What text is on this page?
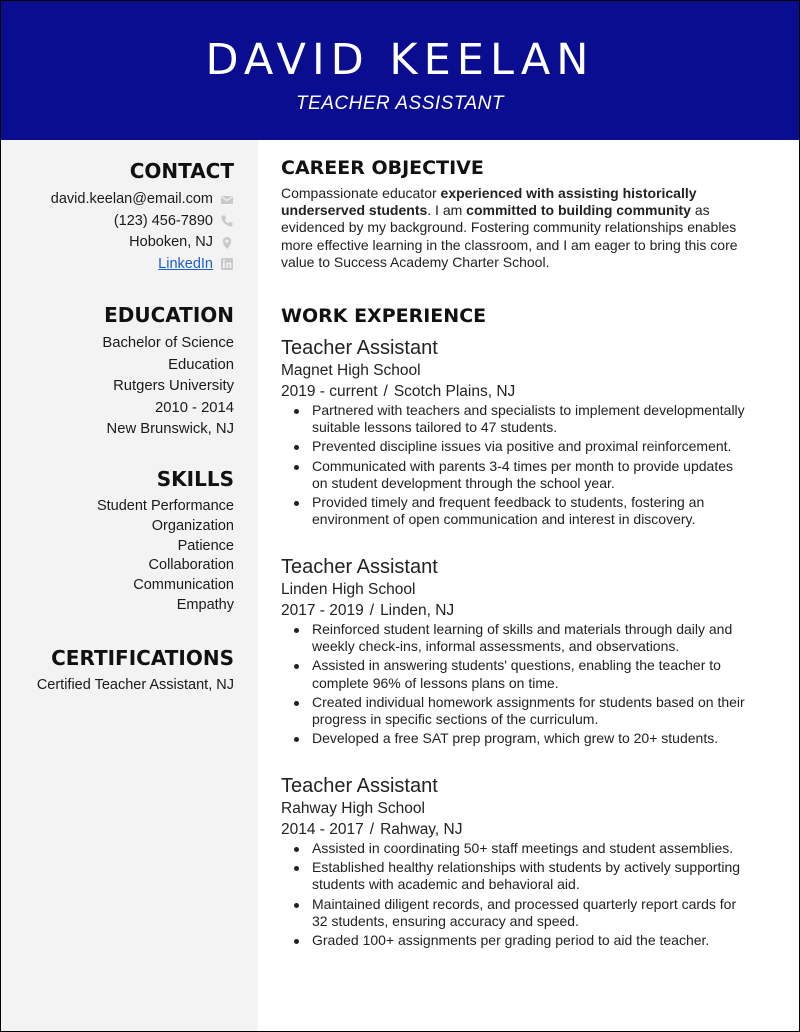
DAVID KEELAN
TEACHER ASSISTANT
CONTACT
david.keelan@email.com
(123) 456-7890
Hoboken, NJ
LinkedIn
EDUCATION
Bachelor of Science
Education
Rutgers University
2010 - 2014
New Brunswick, NJ
SKILLS
Student Performance
Organization
Patience
Collaboration
Communication
Empathy
CERTIFICATIONS
Certified Teacher Assistant, NJ
CAREER OBJECTIVE
Compassionate educator experienced with assisting historically underserved students. I am committed to building community as evidenced by my background. Fostering community relationships enables more effective learning in the classroom, and I am eager to bring this core value to Success Academy Charter School.
WORK EXPERIENCE
Teacher Assistant
Magnet High School
2019 - current / Scotch Plains, NJ
Partnered with teachers and specialists to implement developmentally suitable lessons tailored to 47 students.
Prevented discipline issues via positive and proximal reinforcement.
Communicated with parents 3-4 times per month to provide updates on student development through the school year.
Provided timely and frequent feedback to students, fostering an environment of open communication and interest in discovery.
Teacher Assistant
Linden High School
2017 - 2019 / Linden, NJ
Reinforced student learning of skills and materials through daily and weekly check-ins, informal assessments, and observations.
Assisted in answering students' questions, enabling the teacher to complete 96% of lessons plans on time.
Created individual homework assignments for students based on their progress in specific sections of the curriculum.
Developed a free SAT prep program, which grew to 20+ students.
Teacher Assistant
Rahway High School
2014 - 2017 / Rahway, NJ
Assisted in coordinating 50+ staff meetings and student assemblies.
Established healthy relationships with students by actively supporting students with academic and behavioral aid.
Maintained diligent records, and processed quarterly report cards for 32 students, ensuring accuracy and speed.
Graded 100+ assignments per grading period to aid the teacher.
